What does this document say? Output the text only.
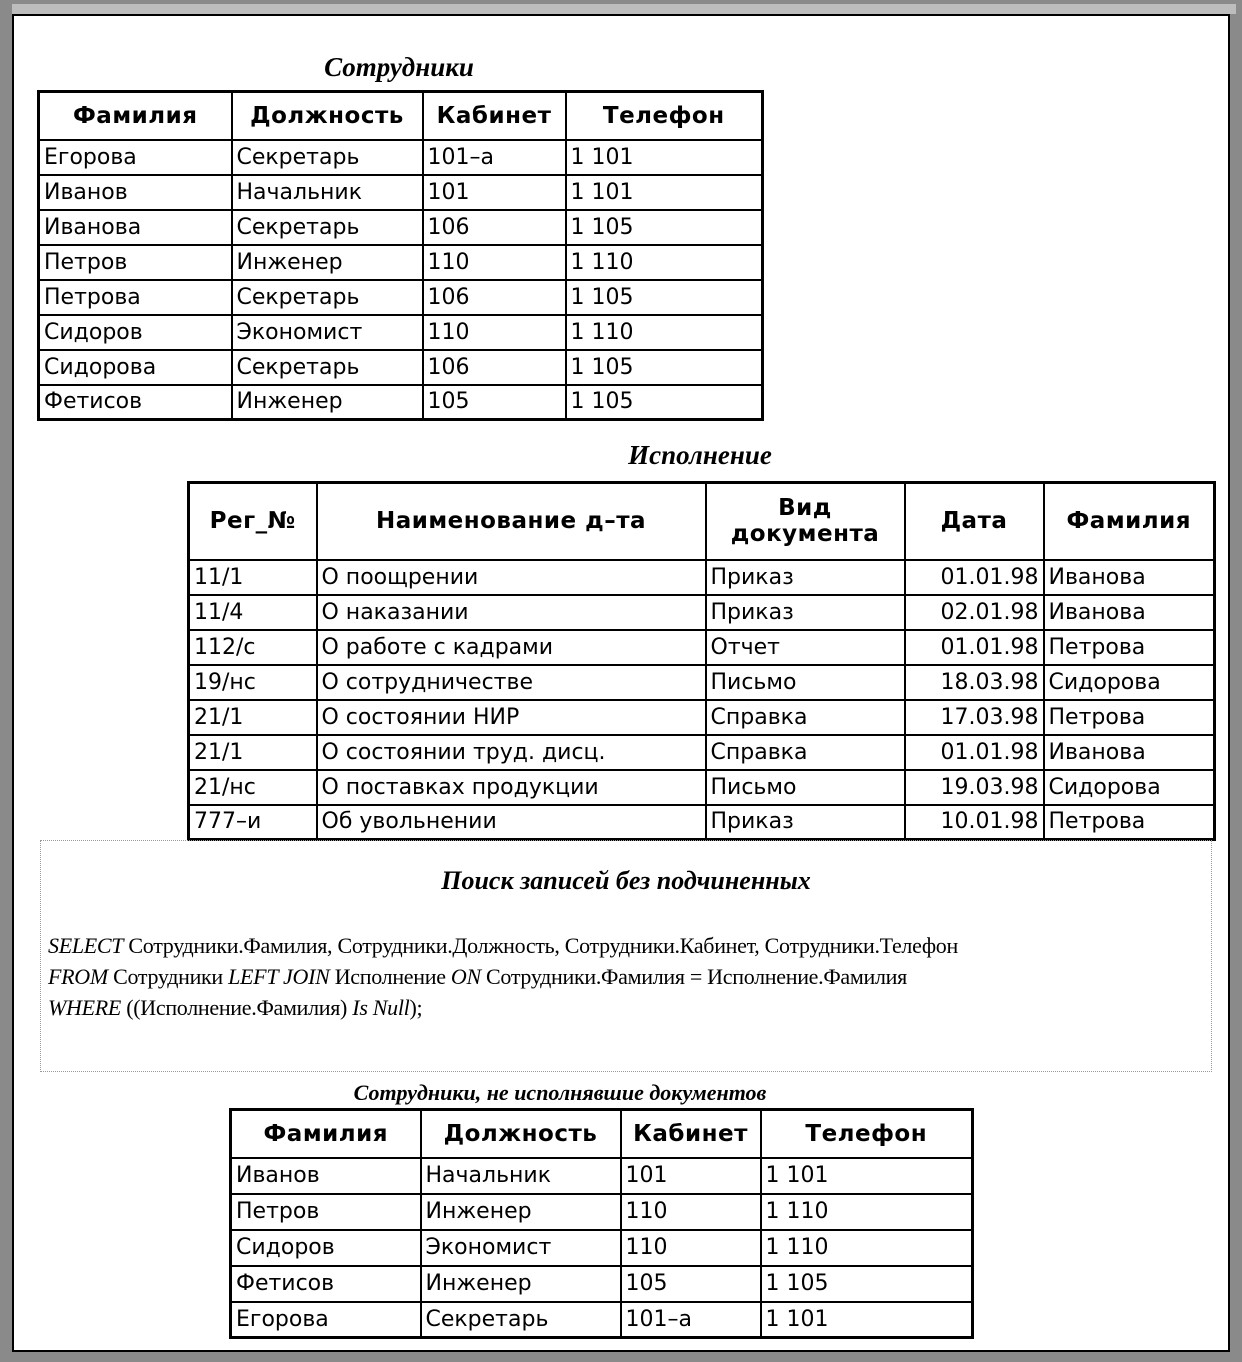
Сотрудники
Фамилия	Должность	Кабинет	Телефон
Егорова	Секретарь	101–а	1 101
Иванов	Начальник	101	1 101
Иванова	Секретарь	106	1 105
Петров	Инженер	110	1 110
Петрова	Секретарь	106	1 105
Сидоров	Экономист	110	1 110
Сидорова	Секретарь	106	1 105
Фетисов	Инженер	105	1 105
Исполнение
Рег_№	Наименование д–та	Вид документа	Дата	Фамилия
11/1	О поощрении	Приказ	01.01.98	Иванова
11/4	О наказании	Приказ	02.01.98	Иванова
112/с	О работе с кадрами	Отчет	01.01.98	Петрова
19/нс	О сотрудничестве	Письмо	18.03.98	Сидорова
21/1	О состоянии НИР	Справка	17.03.98	Петрова
21/1	О состоянии труд. дисц.	Справка	01.01.98	Иванова
21/нс	О поставках продукции	Письмо	19.03.98	Сидорова
777–и	Об увольнении	Приказ	10.01.98	Петрова
Поиск записей без подчиненных
SELECT Сотрудники.Фамилия, Сотрудники.Должность, Сотрудники.Кабинет, Сотрудники.Телефон
FROM Сотрудники LEFT JOIN Исполнение ON Сотрудники.Фамилия = Исполнение.Фамилия
WHERE ((Исполнение.Фамилия) Is Null);
Сотрудники, не исполнявшие документов
Фамилия	Должность	Кабинет	Телефон
Иванов	Начальник	101	1 101
Петров	Инженер	110	1 110
Сидоров	Экономист	110	1 110
Фетисов	Инженер	105	1 105
Егорова	Секретарь	101–а	1 101
